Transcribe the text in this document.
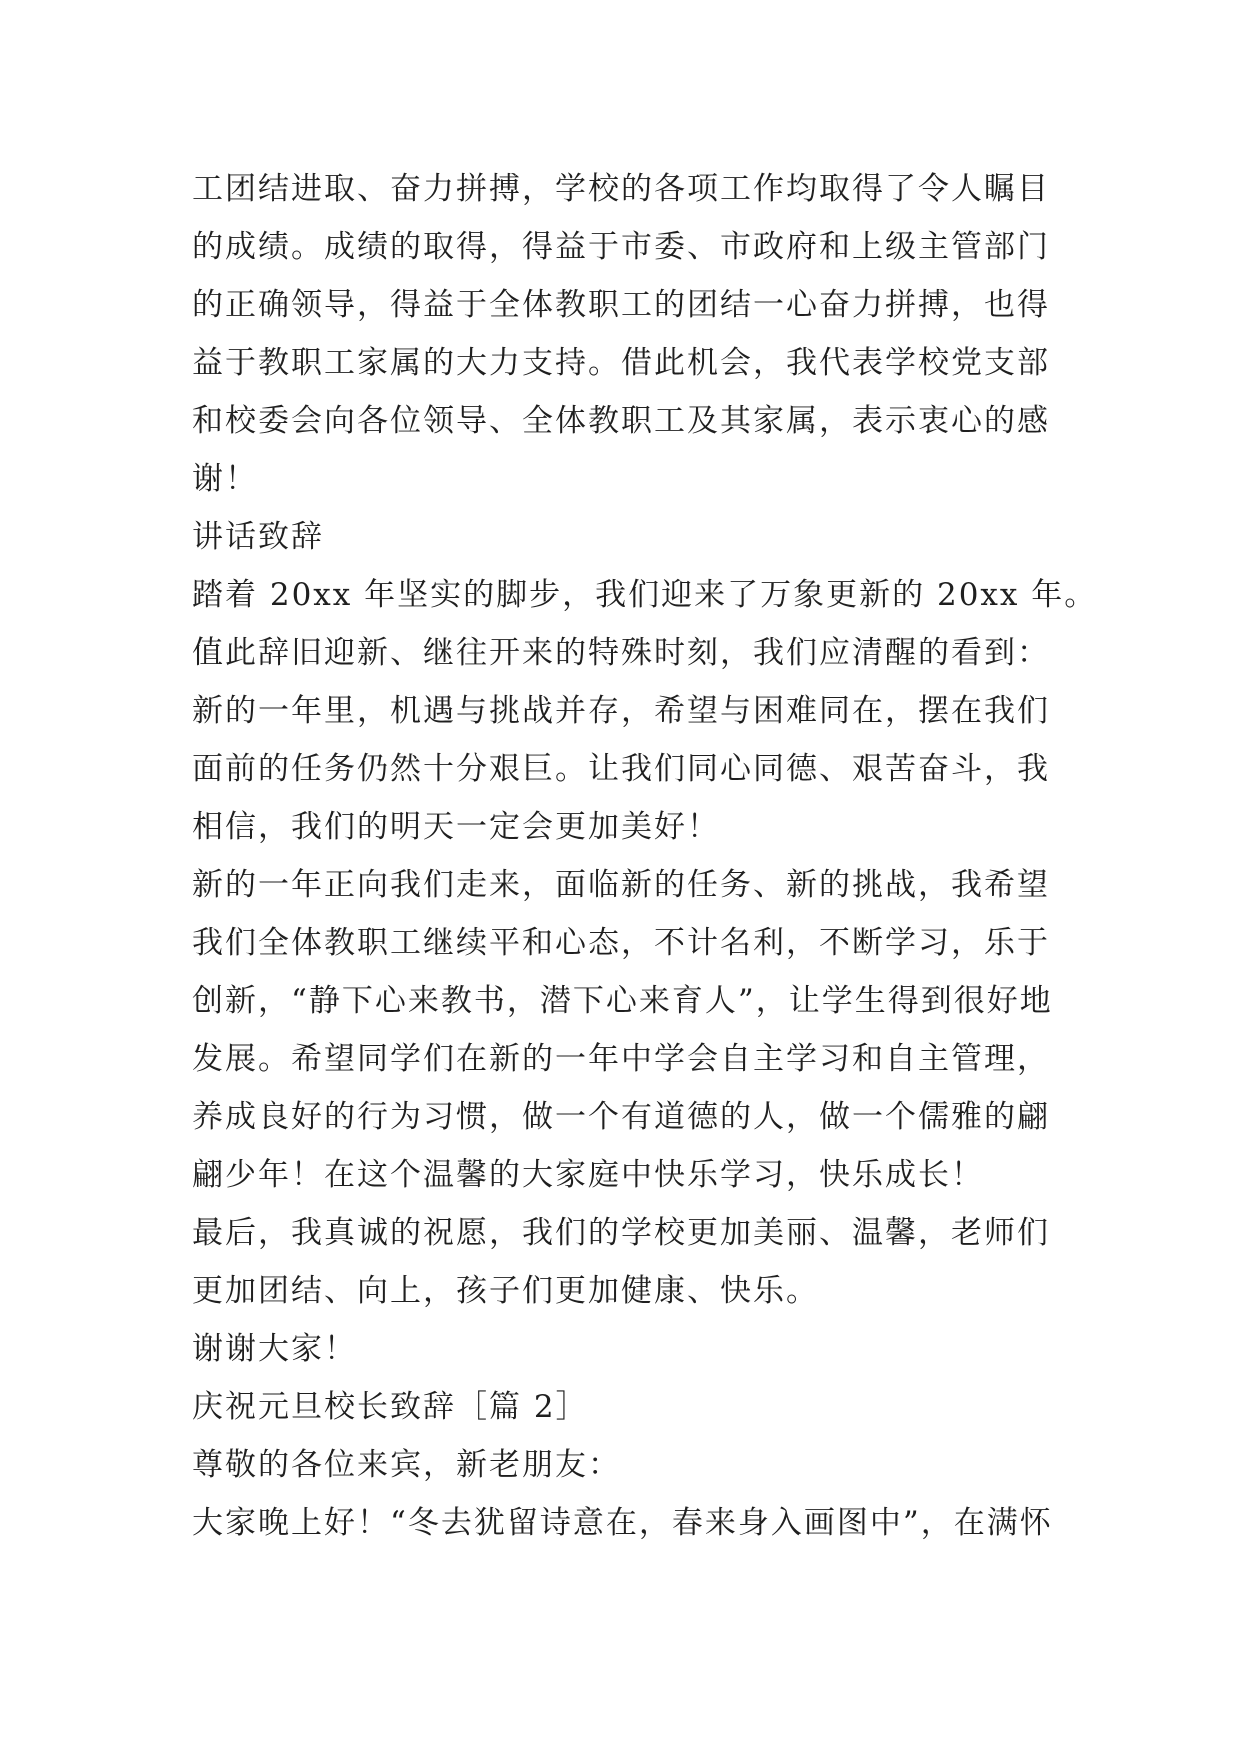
工团结进取、奋力拼搏，学校的各项工作均取得了令人瞩目
的成绩。成绩的取得，得益于市委、市政府和上级主管部门
的正确领导，得益于全体教职工的团结一心奋力拼搏，也得
益于教职工家属的大力支持。借此机会，我代表学校党支部
和校委会向各位领导、全体教职工及其家属，表示衷心的感
谢！
讲话致辞
踏着 20xx 年坚实的脚步，我们迎来了万象更新的 20xx 年。
值此辞旧迎新、继往开来的特殊时刻，我们应清醒的看到：
新的一年里，机遇与挑战并存，希望与困难同在，摆在我们
面前的任务仍然十分艰巨。让我们同心同德、艰苦奋斗，我
相信，我们的明天一定会更加美好！
新的一年正向我们走来，面临新的任务、新的挑战，我希望
我们全体教职工继续平和心态，不计名利，不断学习，乐于
创新，“静下心来教书，潜下心来育人”，让学生得到很好地
发展。希望同学们在新的一年中学会自主学习和自主管理，
养成良好的行为习惯，做一个有道德的人，做一个儒雅的翩
翩少年！在这个温馨的大家庭中快乐学习，快乐成长！
最后，我真诚的祝愿，我们的学校更加美丽、温馨，老师们
更加团结、向上，孩子们更加健康、快乐。
谢谢大家！
庆祝元旦校长致辞［篇 2］
尊敬的各位来宾，新老朋友：
大家晚上好！“冬去犹留诗意在，春来身入画图中”，在满怀
